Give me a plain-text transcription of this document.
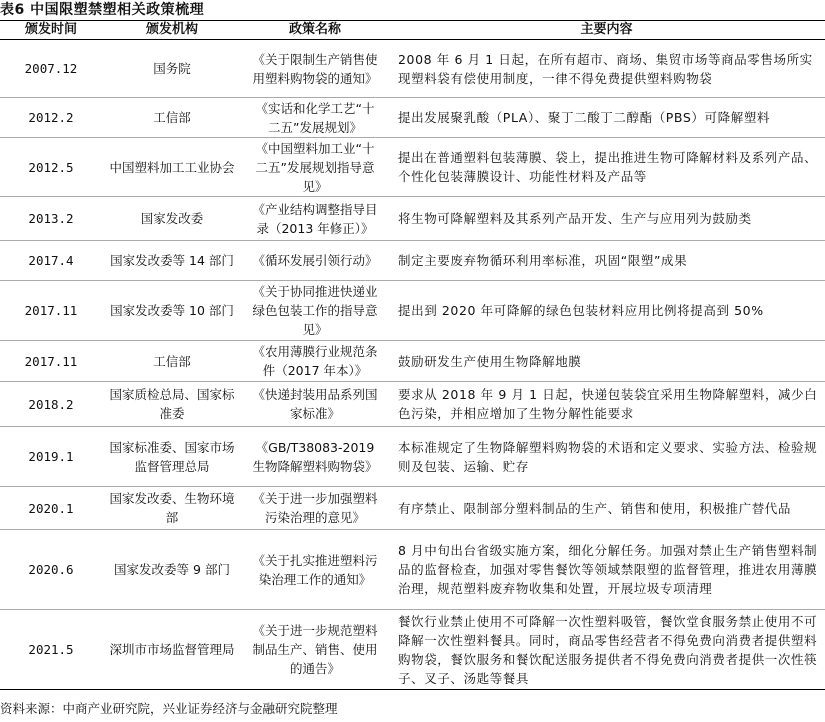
表6 中国限塑禁塑相关政策梳理
颁发时间	颁发机构	政策名称	主要内容
2007.12	国务院	《关于限制生产销售使用塑料购物袋的通知》	2008 年 6 月 1 日起，在所有超市、商场、集贸市场等商品零售场所实现塑料袋有偿使用制度，一律不得免费提供塑料购物袋
2012.2	工信部	《实话和化学工艺“十二五”发展规划》	提出发展聚乳酸（PLA）、聚丁二酸丁二醇酯（PBS）可降解塑料
2012.5	中国塑料加工工业协会	《中国塑料加工业“十二五”发展规划指导意见》	提出在普通塑料包装薄膜、袋上，提出推进生物可降解材料及系列产品、个性化包装薄膜设计、功能性材料及产品等
2013.2	国家发改委	《产业结构调整指导目录（2013 年修正）》	将生物可降解塑料及其系列产品开发、生产与应用列为鼓励类
2017.4	国家发改委等 14 部门	《循环发展引领行动》	制定主要废弃物循环利用率标准，巩固“限塑”成果
2017.11	国家发改委等 10 部门	《关于协同推进快递业绿色包装工作的指导意见》	提出到 2020 年可降解的绿色包装材料应用比例将提高到 50%
2017.11	工信部	《农用薄膜行业规范条件（2017 年本）》	鼓励研发生产使用生物降解地膜
2018.2	国家质检总局、国家标准委	《快递封装用品系列国家标准》	要求从 2018 年 9 月 1 日起，快递包装袋宜采用生物降解塑料，减少白色污染，并相应增加了生物分解性能要求
2019.1	国家标准委、国家市场监督管理总局	《GB/T38083-2019 生物降解塑料购物袋》	本标准规定了生物降解塑料购物袋的术语和定义要求、实验方法、检验规则及包装、运输、贮存
2020.1	国家发改委、生物环境部	《关于进一步加强塑料污染治理的意见》	有序禁止、限制部分塑料制品的生产、销售和使用，积极推广替代品
2020.6	国家发改委等 9 部门	《关于扎实推进塑料污染治理工作的通知》	8 月中旬出台省级实施方案，细化分解任务。加强对禁止生产销售塑料制品的监督检查，加强对零售餐饮等领域禁限塑的监督管理，推进农用薄膜治理，规范塑料废弃物收集和处置，开展垃圾专项清理
2021.5	深圳市市场监督管理局	《关于进一步规范塑料制品生产、销售、使用的通告》	餐饮行业禁止使用不可降解一次性塑料吸管，餐饮堂食服务禁止使用不可降解一次性塑料餐具。同时，商品零售经营者不得免费向消费者提供塑料购物袋，餐饮服务和餐饮配送服务提供者不得免费向消费者提供一次性筷子、叉子、汤匙等餐具
资料来源：中商产业研究院，兴业证券经济与金融研究院整理
